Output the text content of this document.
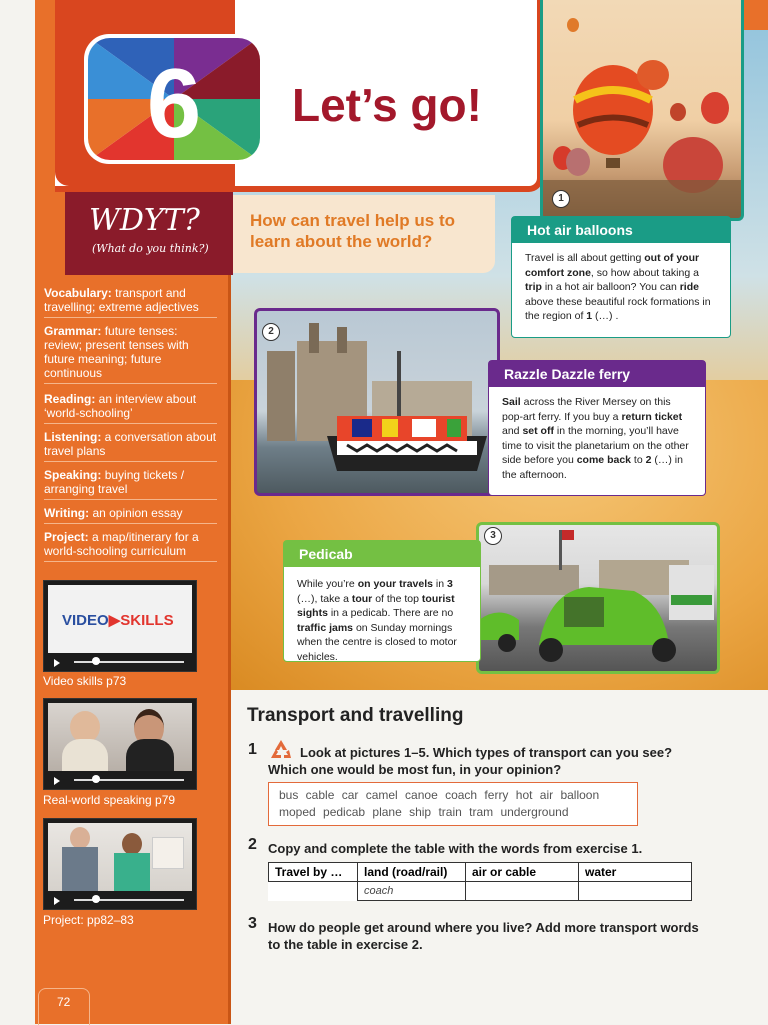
6 Let’s go!
WDYT?
(What do you think?)
How can travel help us to learn about the world?
Vocabulary: transport and travelling; extreme adjectives
Grammar: future tenses: review; present tenses with future meaning; future continuous
Reading: an interview about ‘world-schooling’
Listening: a conversation about travel plans
Speaking: buying tickets / arranging travel
Writing: an opinion essay
Project: a map/itinerary for a world-schooling curriculum
VIDEO▶SKILLS
Video skills p73
Real-world speaking p79
Project: pp82–83
72
1
Hot air balloons
Travel is all about getting out of your comfort zone, so how about taking a trip in a hot air balloon? You can ride above these beautiful rock formations in the region of 1 (…) .
2
Razzle Dazzle ferry
Sail across the River Mersey on this pop-art ferry. If you buy a return ticket and set off in the morning, you’ll have time to visit the planetarium on the other side before you come back to 2 (…) in the afternoon.
3
Pedicab
While you’re on your travels in 3 (…), take a tour of the top tourist sights in a pedicab. There are no traffic jams on Sunday mornings when the centre is closed to motor vehicles.
Transport and travelling
1	Look at pictures 1–5. Which types of transport can you see?
Which one would be most fun, in your opinion?
bus cable car camel canoe coach ferry hot air balloon
moped pedicab plane ship train tram underground
2 Copy and complete the table with the words from exercise 1.
Travel by …	land (road/rail)	air or cable	water
	coach		
3 How do people get around where you live? Add more transport words
to the table in exercise 2.
